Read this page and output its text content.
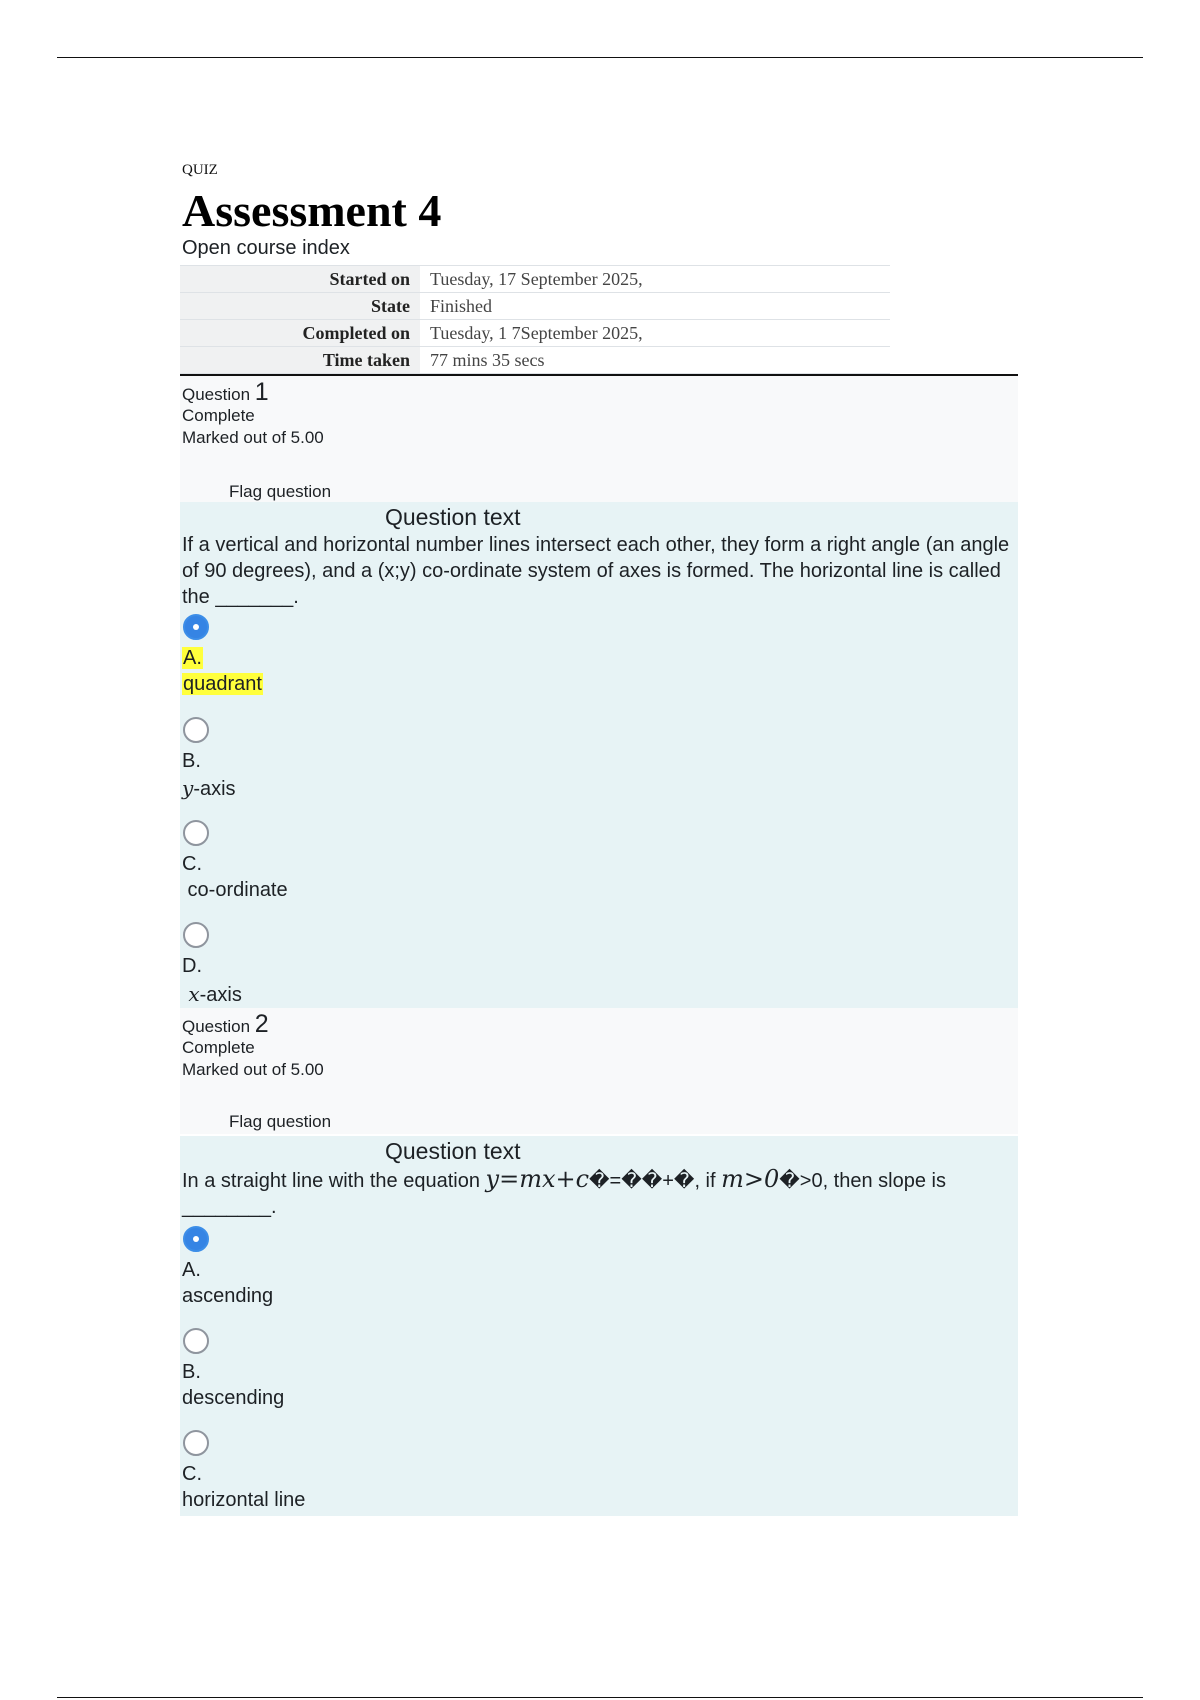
QUIZ
Assessment 4
Open course index
Started on	Tuesday, 17 September 2025,
State	Finished
Completed on	Tuesday, 1 7September 2025,
Time taken	77 mins 35 secs
Question 1
Complete
Marked out of 5.00
Flag question
Question text
If a vertical and horizontal number lines intersect each other, they form a right angle (an angle of 90 degrees), and a (x;y) co-ordinate system of axes is formed. The horizontal line is called the _______.
A.
quadrant
B.
y-axis
C.
co-ordinate
D.
x-axis
Question 2
Complete
Marked out of 5.00
Flag question
Question text
In a straight line with the equation y=mx+c�=��+�, if m>0�>0, then slope is ________.
A.
ascending
B.
descending
C.
horizontal line
